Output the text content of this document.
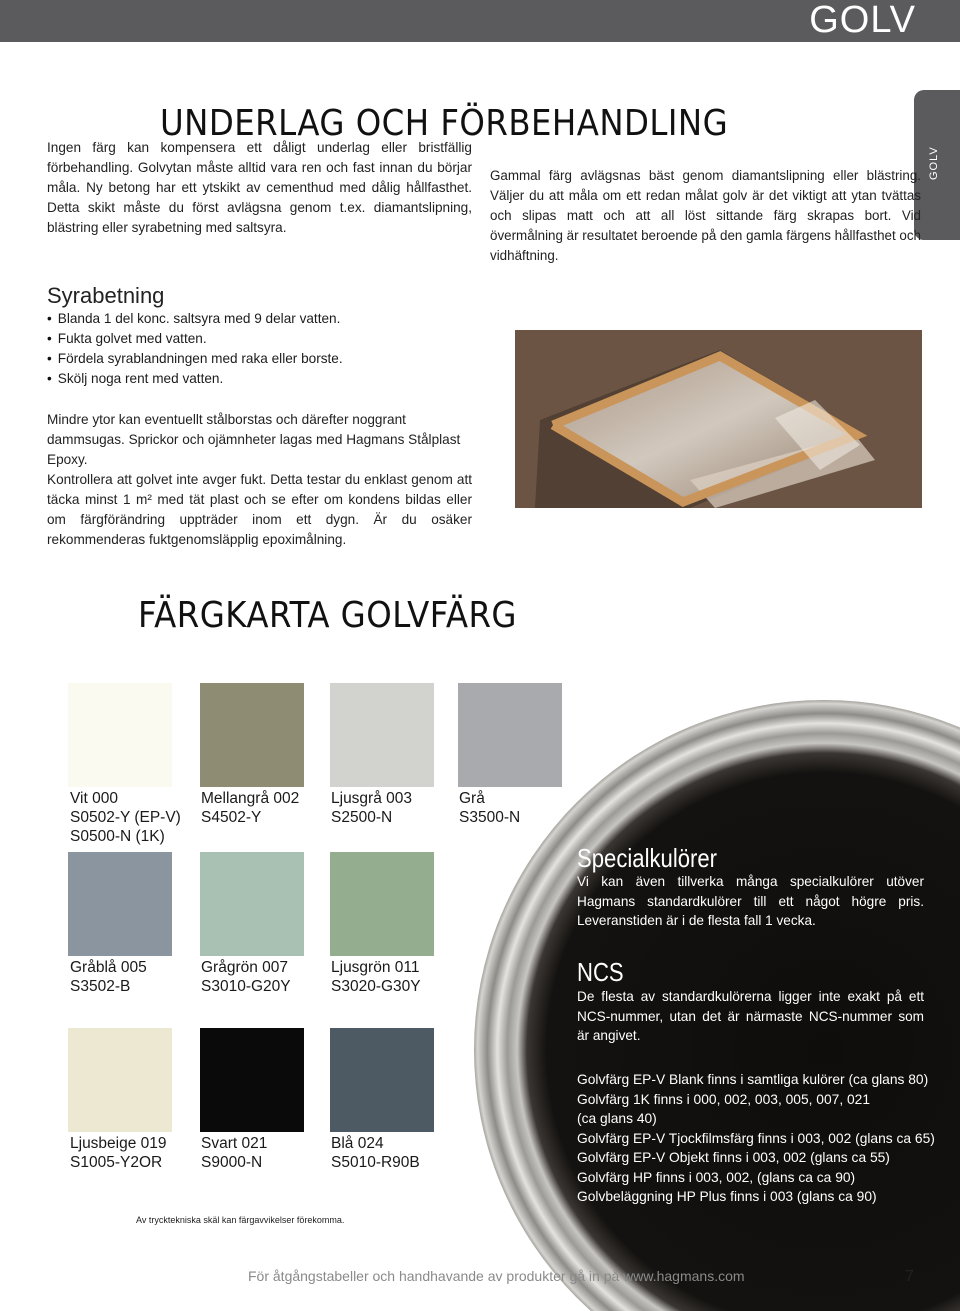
GOLV
GOLV
UNDERLAG OCH FÖRBEHANDLING

Ingen färg kan kompensera ett dåligt underlag eller bristfällig förbehandling. Golvytan måste alltid vara ren och fast innan du börjar måla. Ny betong har ett ytskikt av cementhud med dålig hållfasthet. Detta skikt måste du först avlägsna genom t.ex. diamantslipning, blästring eller syrabetning med saltsyra.

Gammal färg avlägsnas bäst genom diamantslipning eller blästring. Väljer du att måla om ett redan målat golv är det viktigt att ytan tvättas och slipas matt och att all löst sittande färg skrapas bort. Vid övermålning är resultatet beroende på den gamla färgens hållfasthet och vidhäftning.

Syrabetning
• Blanda 1 del konc. saltsyra med 9 delar vatten.
• Fukta golvet med vatten.
• Fördela syrablandningen med raka eller borste.
• Skölj noga rent med vatten.

Mindre ytor kan eventuellt stålborstas och därefter noggrant dammsugas. Sprickor och ojämnheter lagas med Hagmans Stålplast Epoxy.

Kontrollera att golvet inte avger fukt. Detta testar du enklast genom att täcka minst 1 m² med tät plast och se efter om kondens bildas eller om färgförändring uppträder inom ett dygn. Är du osäker rekommenderas fuktgenomsläpplig epoximålning.

FÄRGKARTA GOLVFÄRG
Vit 000
S0502-Y (EP-V)
S0500-N (1K)
Mellangrå 002
S4502-Y
Ljusgrå 003
S2500-N
Grå
S3500-N
Gråblå 005
S3502-B
Grågrön 007
S3010-G20Y
Ljusgrön 011
S3020-G30Y
Ljusbeige 019
S1005-Y2OR
Svart 021
S9000-N
Blå 024
S5010-R90B
Specialkulörer

Vi kan även tillverka många specialkulörer utöver Hagmans standardkulörer till ett något högre pris. Leveranstiden är i de flesta fall 1 vecka.

NCS

De flesta av standardkulörerna ligger inte exakt på ett NCS-nummer, utan det är närmaste NCS-nummer som är angivet.

Golvfärg EP-V Blank finns i samtliga kulörer (ca glans 80)
Golvfärg 1K finns i 000, 002, 003, 005, 007, 021
(ca glans 40)
Golvfärg EP-V Tjockfilmsfärg finns i 003, 002 (glans ca 65)
Golvfärg EP-V Objekt finns i 003, 002 (glans ca 55)
Golvfärg HP finns i 003, 002, (glans ca ca 90)
Golvbeläggning HP Plus finns i 003 (glans ca 90)
Av trycktekniska skäl kan färgavvikelser förekomma.
För åtgångstabeller och handhavande av produkter gå in på www.hagmans.com	7
